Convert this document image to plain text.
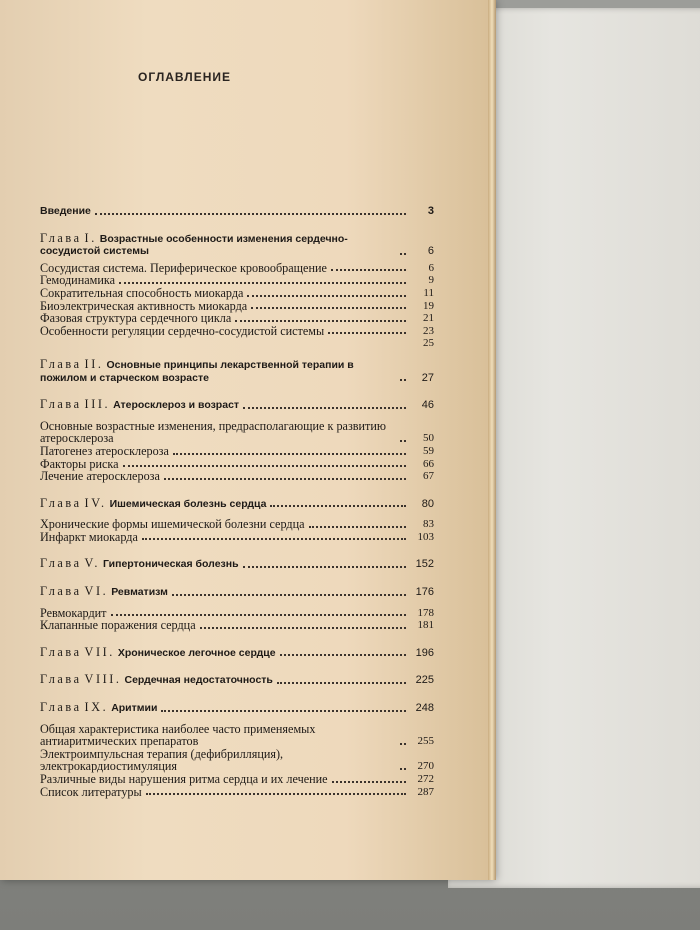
ОГЛАВЛЕНИЕ
Введение	3
Глава I. Возрастные особенности изменения сердечно-сосудистой системы	6
Сосудистая система. Периферическое кровообращение	6
Гемодинамика	9
Сократительная способность миокарда	11
Биоэлектрическая активность миокарда	19
Фазовая структура сердечного цикла	21
Особенности регуляции сердечно-сосудистой системы	23
25
Глава II. Основные принципы лекарственной терапии в пожилом и старческом возрасте	27
Глава III. Атеросклероз и возраст	46
Основные возрастные изменения, предрасполагающие к развитию атеросклероза	50
Патогенез атеросклероза	59
Факторы риска	66
Лечение атеросклероза	67
Глава IV. Ишемическая болезнь сердца	80
Хронические формы ишемической болезни сердца	83
Инфаркт миокарда	103
Глава V. Гипертоническая болезнь	152
Глава VI. Ревматизм	176
Ревмокардит	178
Клапанные поражения сердца	181
Глава VII. Хроническое легочное сердце	196
Глава VIII. Сердечная недостаточность	225
Глава IX. Аритмии	248
Общая характеристика наиболее часто применяемых антиаритмических препаратов	255
Электроимпульсная терапия (дефибрилляция), электрокардиостимуляция	270
Различные виды нарушения ритма сердца и их лечение	272
Список литературы	287
